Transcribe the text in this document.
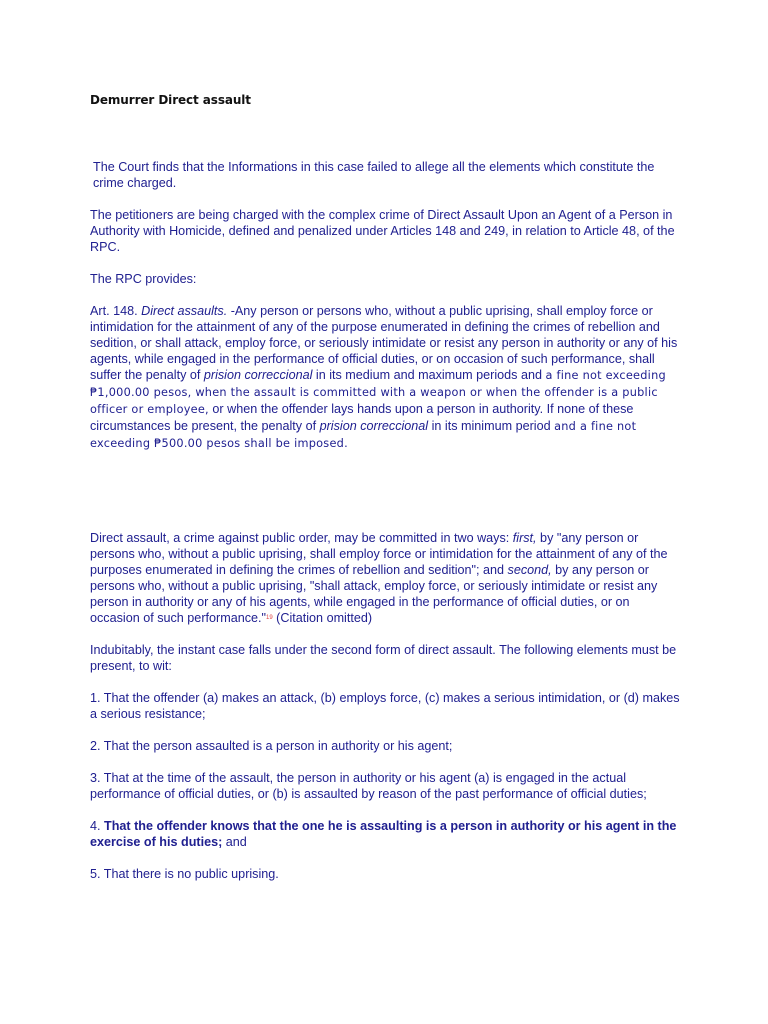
Demurrer Direct assault

The Court finds that the Informations in this case failed to allege all the elements which constitute the crime charged.

The petitioners are being charged with the complex crime of Direct Assault Upon an Agent of a Person in Authority with Homicide, defined and penalized under Articles 148 and 249, in relation to Article 48, of the RPC.

The RPC provides:

Art. 148. Direct assaults. -Any person or persons who, without a public uprising, shall employ force or intimidation for the attainment of any of the purpose enumerated in defining the crimes of rebellion and sedition, or shall attack, employ force, or seriously intimidate or resist any person in authority or any of his agents, while engaged in the performance of official duties, or on occasion of such performance, shall suffer the penalty of prision correccional in its medium and maximum periods and a fine not exceeding ₱1,000.00 pesos, when the assault is committed with a weapon or when the offender is a public officer or employee, or when the offender lays hands upon a person in authority. If none of these circumstances be present, the penalty of prision correccional in its minimum period and a fine not exceeding ₱500.00 pesos shall be imposed.

Direct assault, a crime against public order, may be committed in two ways: first, by "any person or persons who, without a public uprising, shall employ force or intimidation for the attainment of any of the purposes enumerated in defining the crimes of rebellion and sedition"; and second, by any person or persons who, without a public uprising, "shall attack, employ force, or seriously intimidate or resist any person in authority or any of his agents, while engaged in the performance of official duties, or on occasion of such performance."$^{19}$ (Citation omitted)

Indubitably, the instant case falls under the second form of direct assault. The following elements must be present, to wit:

1. That the offender (a) makes an attack, (b) employs force, (c) makes a serious intimidation, or (d) makes a serious resistance;

2. That the person assaulted is a person in authority or his agent;

3. That at the time of the assault, the person in authority or his agent (a) is engaged in the actual performance of official duties, or (b) is assaulted by reason of the past performance of official duties;

4. That the offender knows that the one he is assaulting is a person in authority or his agent in the exercise of his duties; and

5. That there is no public uprising.
